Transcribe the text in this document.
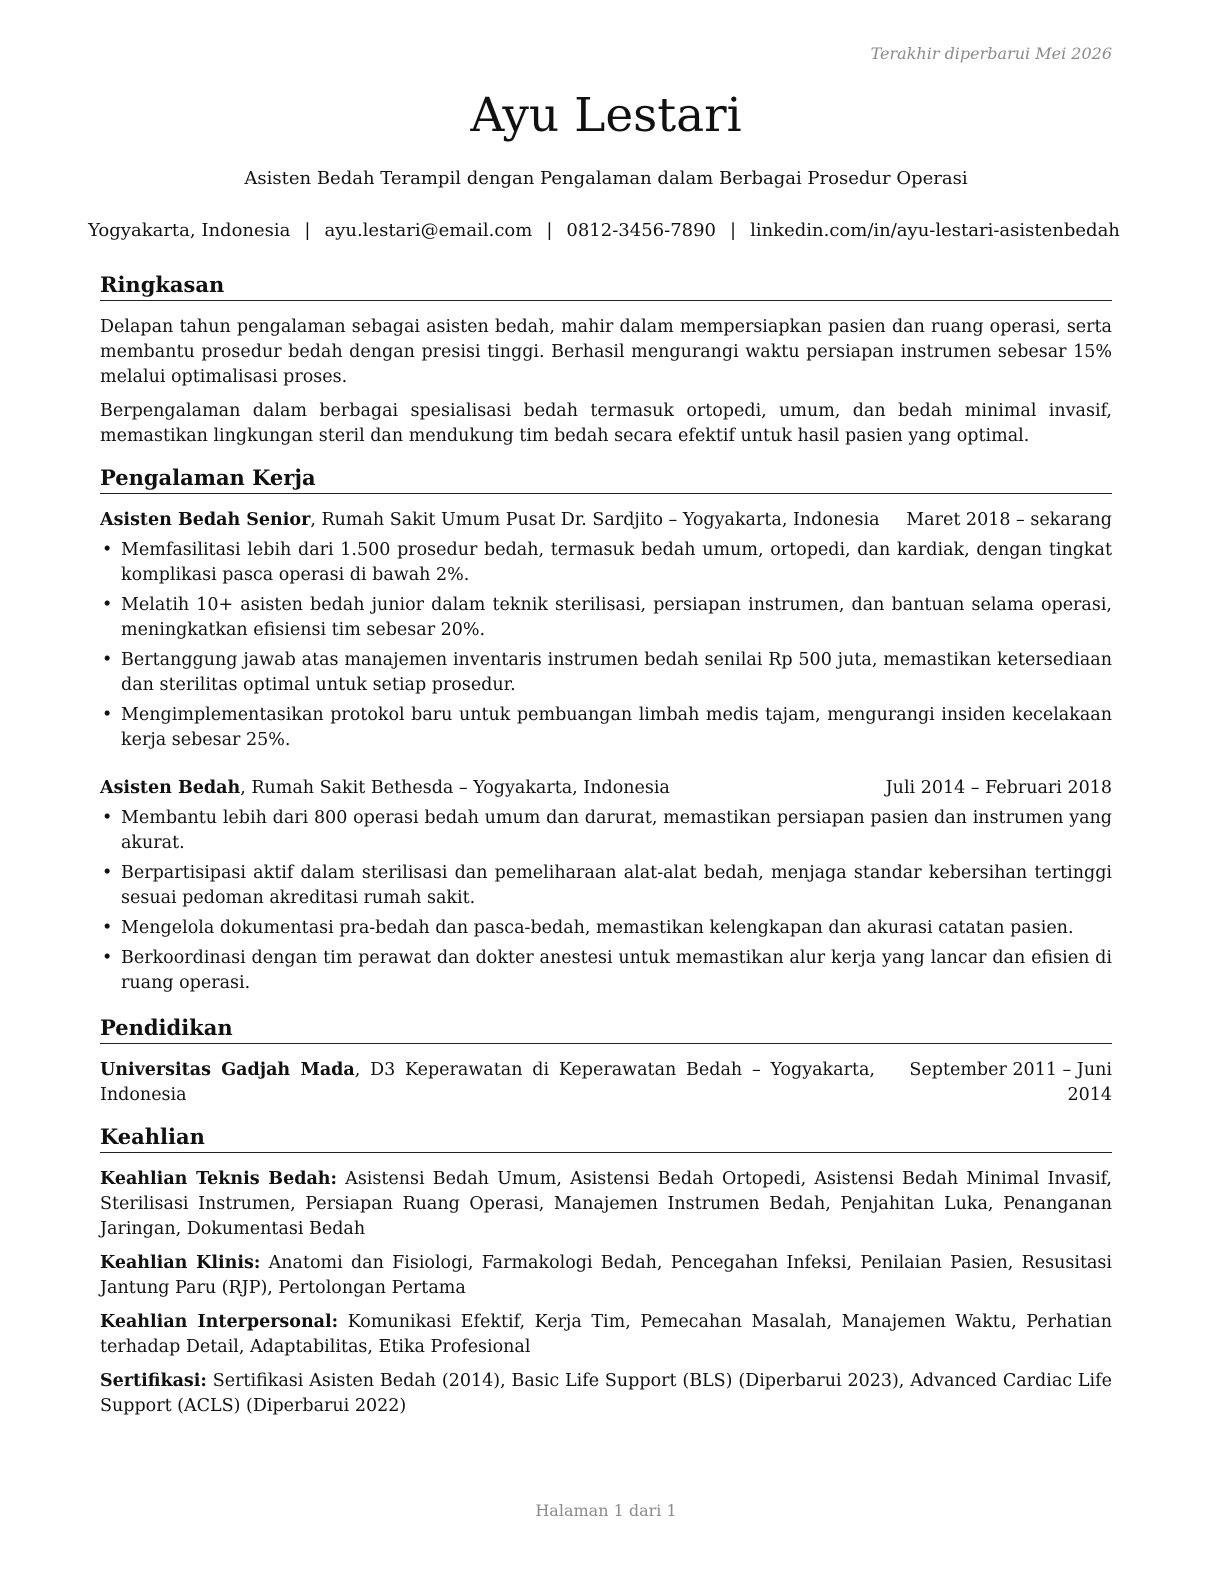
Terakhir diperbarui Mei 2026
Ayu Lestari
Asisten Bedah Terampil dengan Pengalaman dalam Berbagai Prosedur Operasi
Yogyakarta, Indonesia | ayu.lestari@email.com | 0812-3456-7890 | linkedin.com/in/ayu-lestari-asistenbedah
Ringkasan
Delapan tahun pengalaman sebagai asisten bedah, mahir dalam mempersiapkan pasien dan ruang operasi, serta membantu prosedur bedah dengan presisi tinggi. Berhasil mengurangi waktu persiapan instrumen sebesar 15% melalui optimalisasi proses.
Berpengalaman dalam berbagai spesialisasi bedah termasuk ortopedi, umum, dan bedah minimal invasif, memastikan lingkungan steril dan mendukung tim bedah secara efektif untuk hasil pasien yang optimal.
Pengalaman Kerja
Asisten Bedah Senior, Rumah Sakit Umum Pusat Dr. Sardjito – Yogyakarta, Indonesia Maret 2018 – sekarang
• Memfasilitasi lebih dari 1.500 prosedur bedah, termasuk bedah umum, ortopedi, dan kardiak, dengan tingkat komplikasi pasca operasi di bawah 2%.
• Melatih 10+ asisten bedah junior dalam teknik sterilisasi, persiapan instrumen, dan bantuan selama operasi, meningkatkan efisiensi tim sebesar 20%.
• Bertanggung jawab atas manajemen inventaris instrumen bedah senilai Rp 500 juta, memastikan ketersediaan dan sterilitas optimal untuk setiap prosedur.
• Mengimplementasikan protokol baru untuk pembuangan limbah medis tajam, mengurangi insiden kecelakaan kerja sebesar 25%.
Asisten Bedah, Rumah Sakit Bethesda – Yogyakarta, Indonesia	Juli 2014 – Februari 2018
• Membantu lebih dari 800 operasi bedah umum dan darurat, memastikan persiapan pasien dan instrumen yang akurat.
• Berpartisipasi aktif dalam sterilisasi dan pemeliharaan alat-alat bedah, menjaga standar kebersihan tertinggi sesuai pedoman akreditasi rumah sakit.
• Mengelola dokumentasi pra-bedah dan pasca-bedah, memastikan kelengkapan dan akurasi catatan pasien.
• Berkoordinasi dengan tim perawat dan dokter anestesi untuk memastikan alur kerja yang lancar dan efisien di ruang operasi.
Pendidikan
Universitas Gadjah Mada, D3 Keperawatan di Keperawatan Bedah – Yogyakarta, Indonesia
September 2011 – Juni 2014
Keahlian
Keahlian Teknis Bedah: Asistensi Bedah Umum, Asistensi Bedah Ortopedi, Asistensi Bedah Minimal Invasif, Sterilisasi Instrumen, Persiapan Ruang Operasi, Manajemen Instrumen Bedah, Penjahitan Luka, Penanganan Jaringan, Dokumentasi Bedah
Keahlian Klinis: Anatomi dan Fisiologi, Farmakologi Bedah, Pencegahan Infeksi, Penilaian Pasien, Resusitasi Jantung Paru (RJP), Pertolongan Pertama
Keahlian Interpersonal: Komunikasi Efektif, Kerja Tim, Pemecahan Masalah, Manajemen Waktu, Perhatian terhadap Detail, Adaptabilitas, Etika Profesional
Sertifikasi: Sertifikasi Asisten Bedah (2014), Basic Life Support (BLS) (Diperbarui 2023), Advanced Cardiac Life Support (ACLS) (Diperbarui 2022)
Halaman 1 dari 1
